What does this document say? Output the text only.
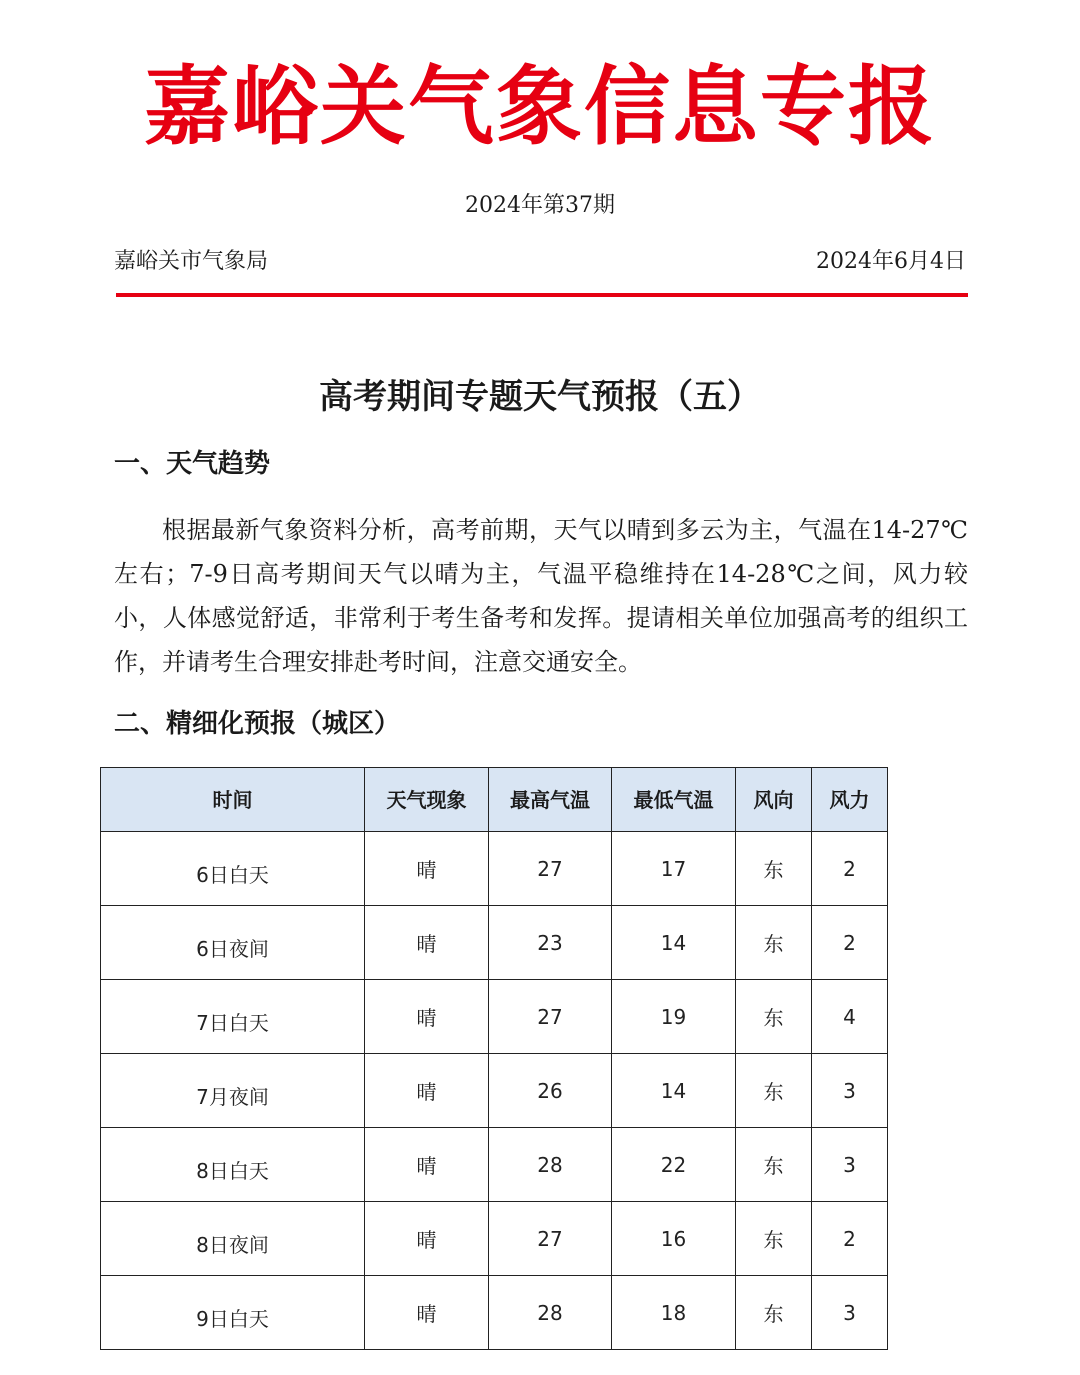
嘉峪关气象信息专报
2024年第37期
嘉峪关市气象局	2024年6月4日
高考期间专题天气预报（五）
一、天气趋势

根据最新气象资料分析，高考前期，天气以晴到多云为主，气温在14-27℃左右；7-9日高考期间天气以晴为主，气温平稳维持在14-28℃之间，风力较小，人体感觉舒适，非常利于考生备考和发挥。提请相关单位加强高考的组织工作，并请考生合理安排赴考时间，注意交通安全。

二、精细化预报（城区）
时间	天气现象	最高气温	最低气温	风向	风力
6日白天	晴	27	17	东	2
6日夜间	晴	23	14	东	2
7日白天	晴	27	19	东	4
7月夜间	晴	26	14	东	3
8日白天	晴	28	22	东	3
8日夜间	晴	27	16	东	2
9日白天	晴	28	18	东	3
